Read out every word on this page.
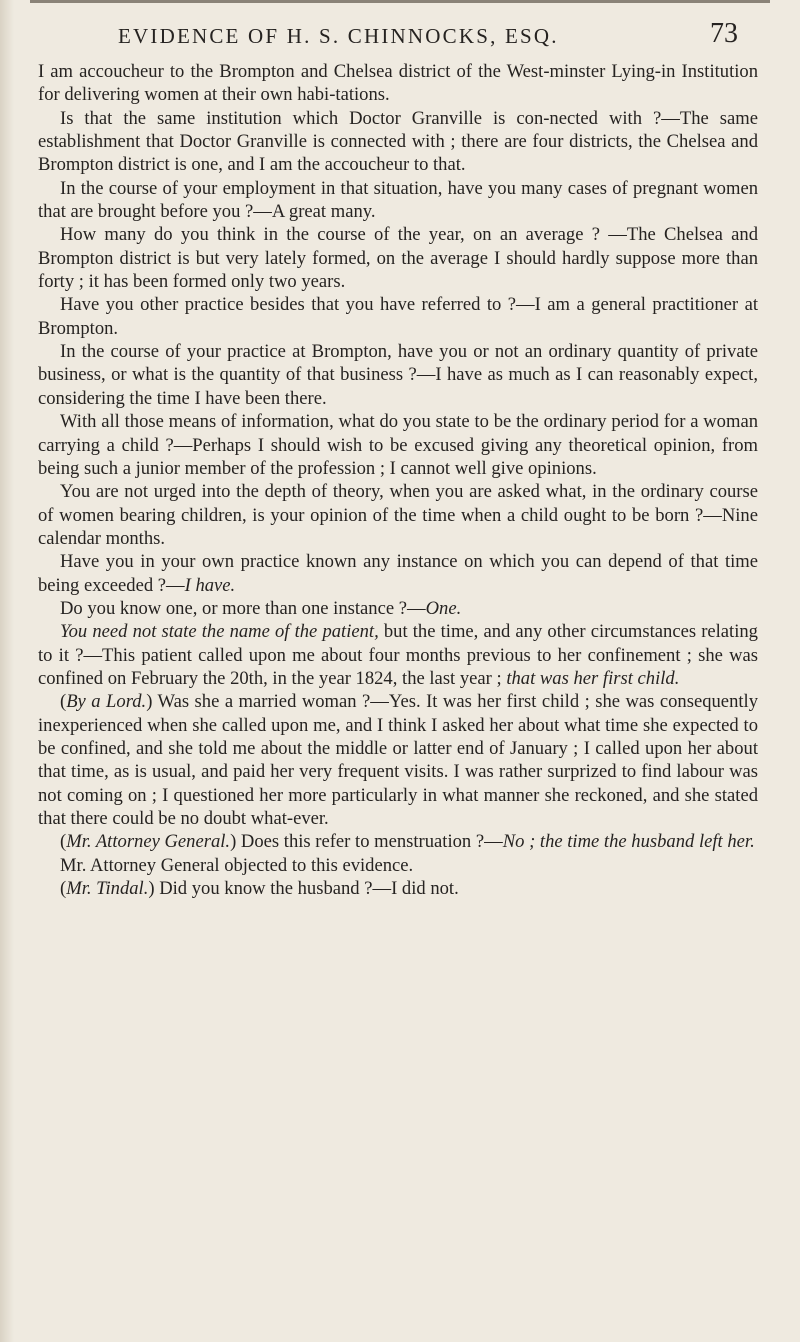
EVIDENCE OF H. S. CHINNOCKS, ESQ.	73

I am accoucheur to the Brompton and Chelsea district of the West-minster Lying-in Institution for delivering women at their own habi-tations.

Is that the same institution which Doctor Granville is con-nected with ?—The same establishment that Doctor Granville is connected with ; there are four districts, the Chelsea and Brompton district is one, and I am the accoucheur to that.

In the course of your employment in that situation, have you many cases of pregnant women that are brought before you ?—A great many.

How many do you think in the course of the year, on an average ? —The Chelsea and Brompton district is but very lately formed, on the average I should hardly suppose more than forty ; it has been formed only two years.

Have you other practice besides that you have referred to ?—I am a general practitioner at Brompton.

In the course of your practice at Brompton, have you or not an ordinary quantity of private business, or what is the quantity of that business ?—I have as much as I can reasonably expect, considering the time I have been there.

With all those means of information, what do you state to be the ordinary period for a woman carrying a child ?—Perhaps I should wish to be excused giving any theoretical opinion, from being such a junior member of the profession ; I cannot well give opinions.

You are not urged into the depth of theory, when you are asked what, in the ordinary course of women bearing children, is your opinion of the time when a child ought to be born ?—Nine calendar months.

Have you in your own practice known any instance on which you can depend of that time being exceeded ?—I have.

Do you know one, or more than one instance ?—One.

You need not state the name of the patient, but the time, and any other circumstances relating to it ?—This patient called upon me about four months previous to her confinement ; she was confined on February the 20th, in the year 1824, the last year ; that was her first child.

(By a Lord.) Was she a married woman ?—Yes. It was her first child ; she was consequently inexperienced when she called upon me, and I think I asked her about what time she expected to be confined, and she told me about the middle or latter end of January ; I called upon her about that time, as is usual, and paid her very frequent visits. I was rather surprized to find labour was not coming on ; I questioned her more particularly in what manner she reckoned, and she stated that there could be no doubt what-ever.

(Mr. Attorney General.) Does this refer to menstruation ?—No ; the time the husband left her.

Mr. Attorney General objected to this evidence.

(Mr. Tindal.) Did you know the husband ?—I did not.
